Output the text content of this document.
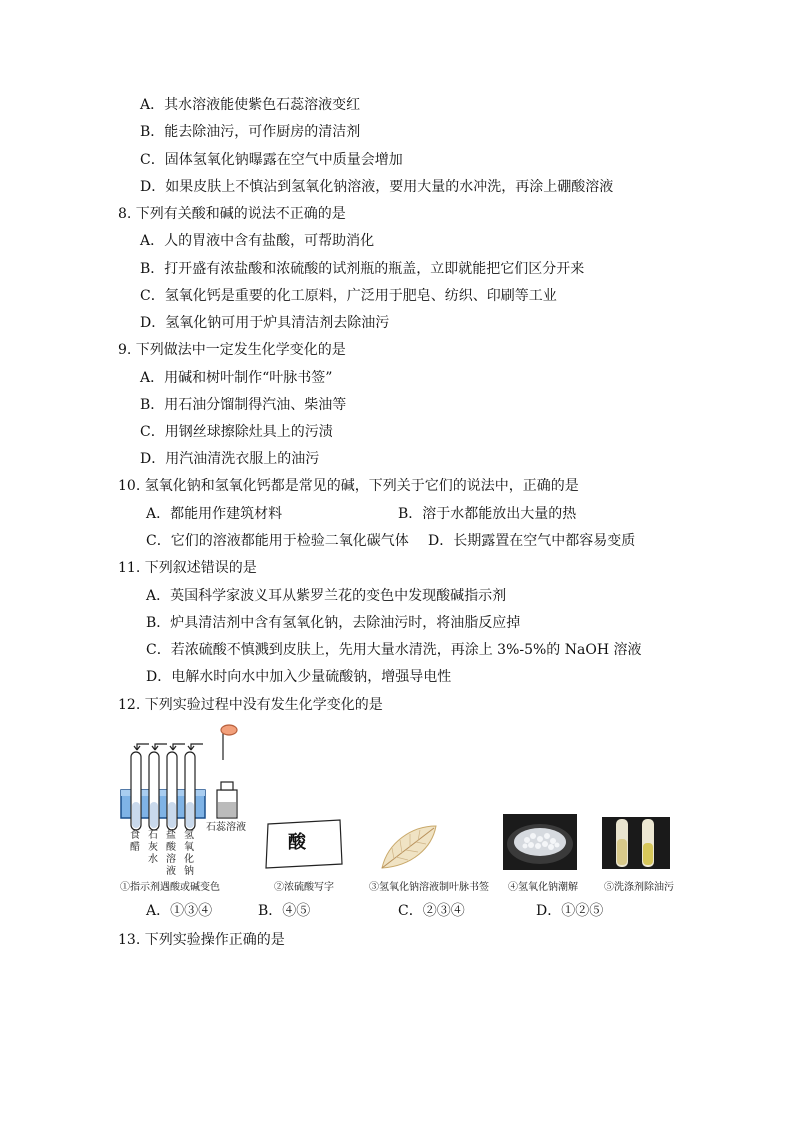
A．其水溶液能使紫色石蕊溶液变红
B．能去除油污，可作厨房的清洁剂
C．固体氢氧化钠曝露在空气中质量会增加
D．如果皮肤上不慎沾到氢氧化钠溶液，要用大量的水冲洗，再涂上硼酸溶液
8. 下列有关酸和碱的说法不正确的是
A．人的胃液中含有盐酸，可帮助消化
B．打开盛有浓盐酸和浓硫酸的试剂瓶的瓶盖，立即就能把它们区分开来
C．氢氧化钙是重要的化工原料，广泛用于肥皂、纺织、印刷等工业
D．氢氧化钠可用于炉具清洁剂去除油污
9. 下列做法中一定发生化学变化的是
A．用碱和树叶制作“叶脉书签”
B．用石油分馏制得汽油、柴油等
C．用钢丝球擦除灶具上的污渍
D．用汽油清洗衣服上的油污
10. 氢氧化钠和氢氧化钙都是常见的碱，下列关于它们的说法中，正确的是
A．都能用作建筑材料	B．溶于水都能放出大量的热
C．它们的溶液都能用于检验二氧化碳气体 D．长期露置在空气中都容易变质
11. 下列叙述错误的是
A．英国科学家波义耳从紫罗兰花的变色中发现酸碱指示剂
B．炉具清洁剂中含有氢氧化钠，去除油污时，将油脂反应掉
C．若浓硫酸不慎溅到皮肤上，先用大量水清洗，再涂上 3%-5%的 NaOH 溶液
D．电解水时向水中加入少量硫酸钠，增强导电性
12. 下列实验过程中没有发生化学变化的是
食醋
石灰水
盐酸溶液
氢氧化钠
石蕊溶液
酸
①指示剂遇酸或碱变色	②浓硫酸写字	③氢氧化钠溶液制叶脉书签 ④氢氧化钠潮解	⑤洗涤剂除油污
A．①③④	B．④⑤	C．②③④	D．①②⑤
13. 下列实验操作正确的是
